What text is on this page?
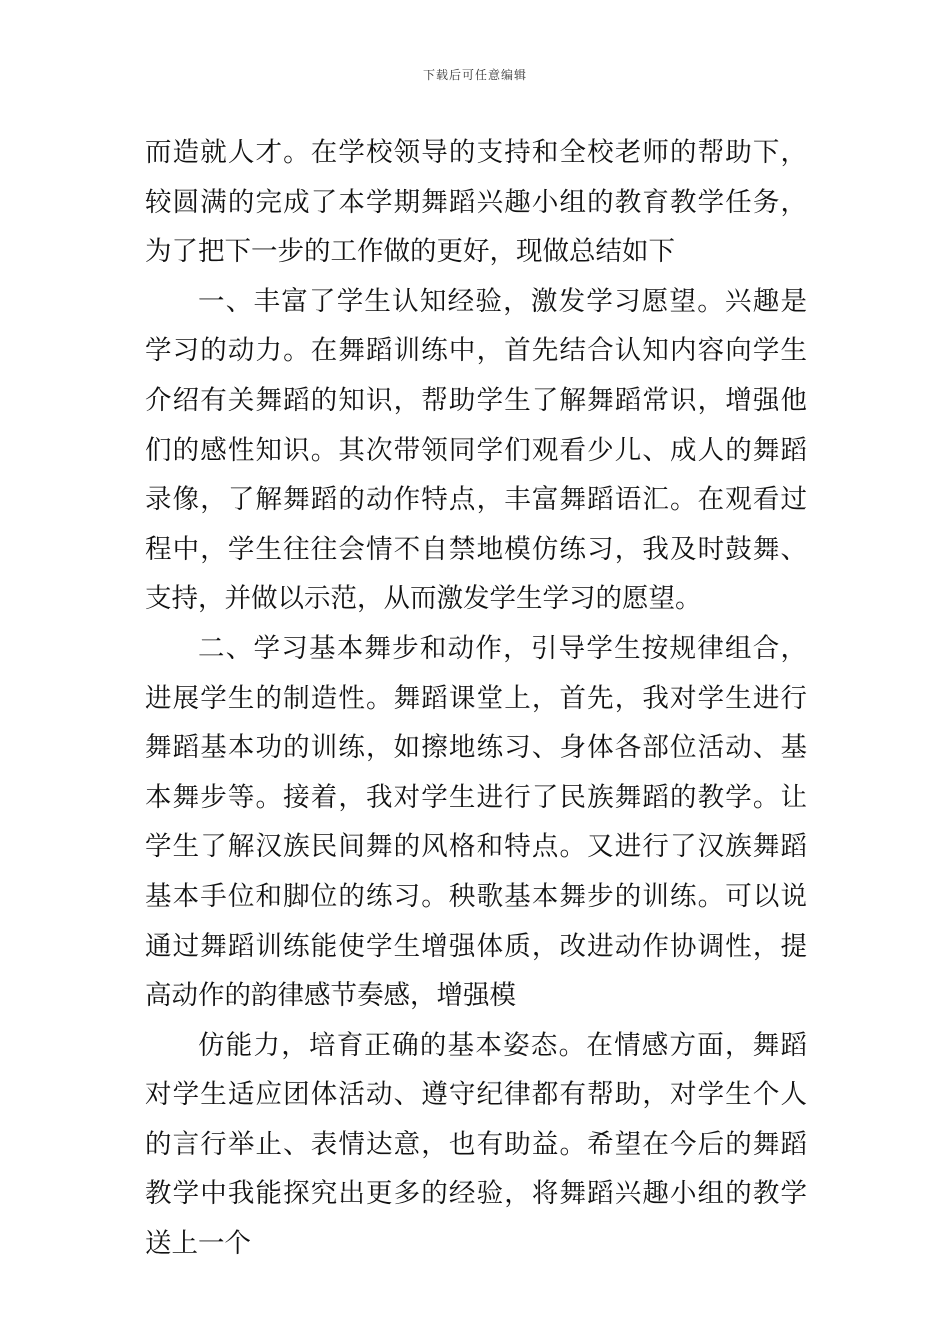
下载后可任意编辑

而造就人才。在学校领导的支持和全校老师的帮助下，较圆满的完成了本学期舞蹈兴趣小组的教育教学任务，为了把下一步的工作做的更好，现做总结如下

一、丰富了学生认知经验，激发学习愿望。兴趣是学习的动力。在舞蹈训练中，首先结合认知内容向学生介绍有关舞蹈的知识，帮助学生了解舞蹈常识，增强他们的感性知识。其次带领同学们观看少儿、成人的舞蹈录像，了解舞蹈的动作特点，丰富舞蹈语汇。在观看过程中，学生往往会情不自禁地模仿练习，我及时鼓舞、支持，并做以示范，从而激发学生学习的愿望。

二、学习基本舞步和动作，引导学生按规律组合，进展学生的制造性。舞蹈课堂上，首先，我对学生进行舞蹈基本功的训练，如擦地练习、身体各部位活动、基本舞步等。接着，我对学生进行了民族舞蹈的教学。让学生了解汉族民间舞的风格和特点。又进行了汉族舞蹈基本手位和脚位的练习。秧歌基本舞步的训练。可以说通过舞蹈训练能使学生增强体质，改进动作协调性，提高动作的韵律感节奏感，增强模

仿能力，培育正确的基本姿态。在情感方面，舞蹈对学生适应团体活动、遵守纪律都有帮助，对学生个人的言行举止、表情达意，也有助益。希望在今后的舞蹈教学中我能探究出更多的经验，将舞蹈兴趣小组的教学送上一个
